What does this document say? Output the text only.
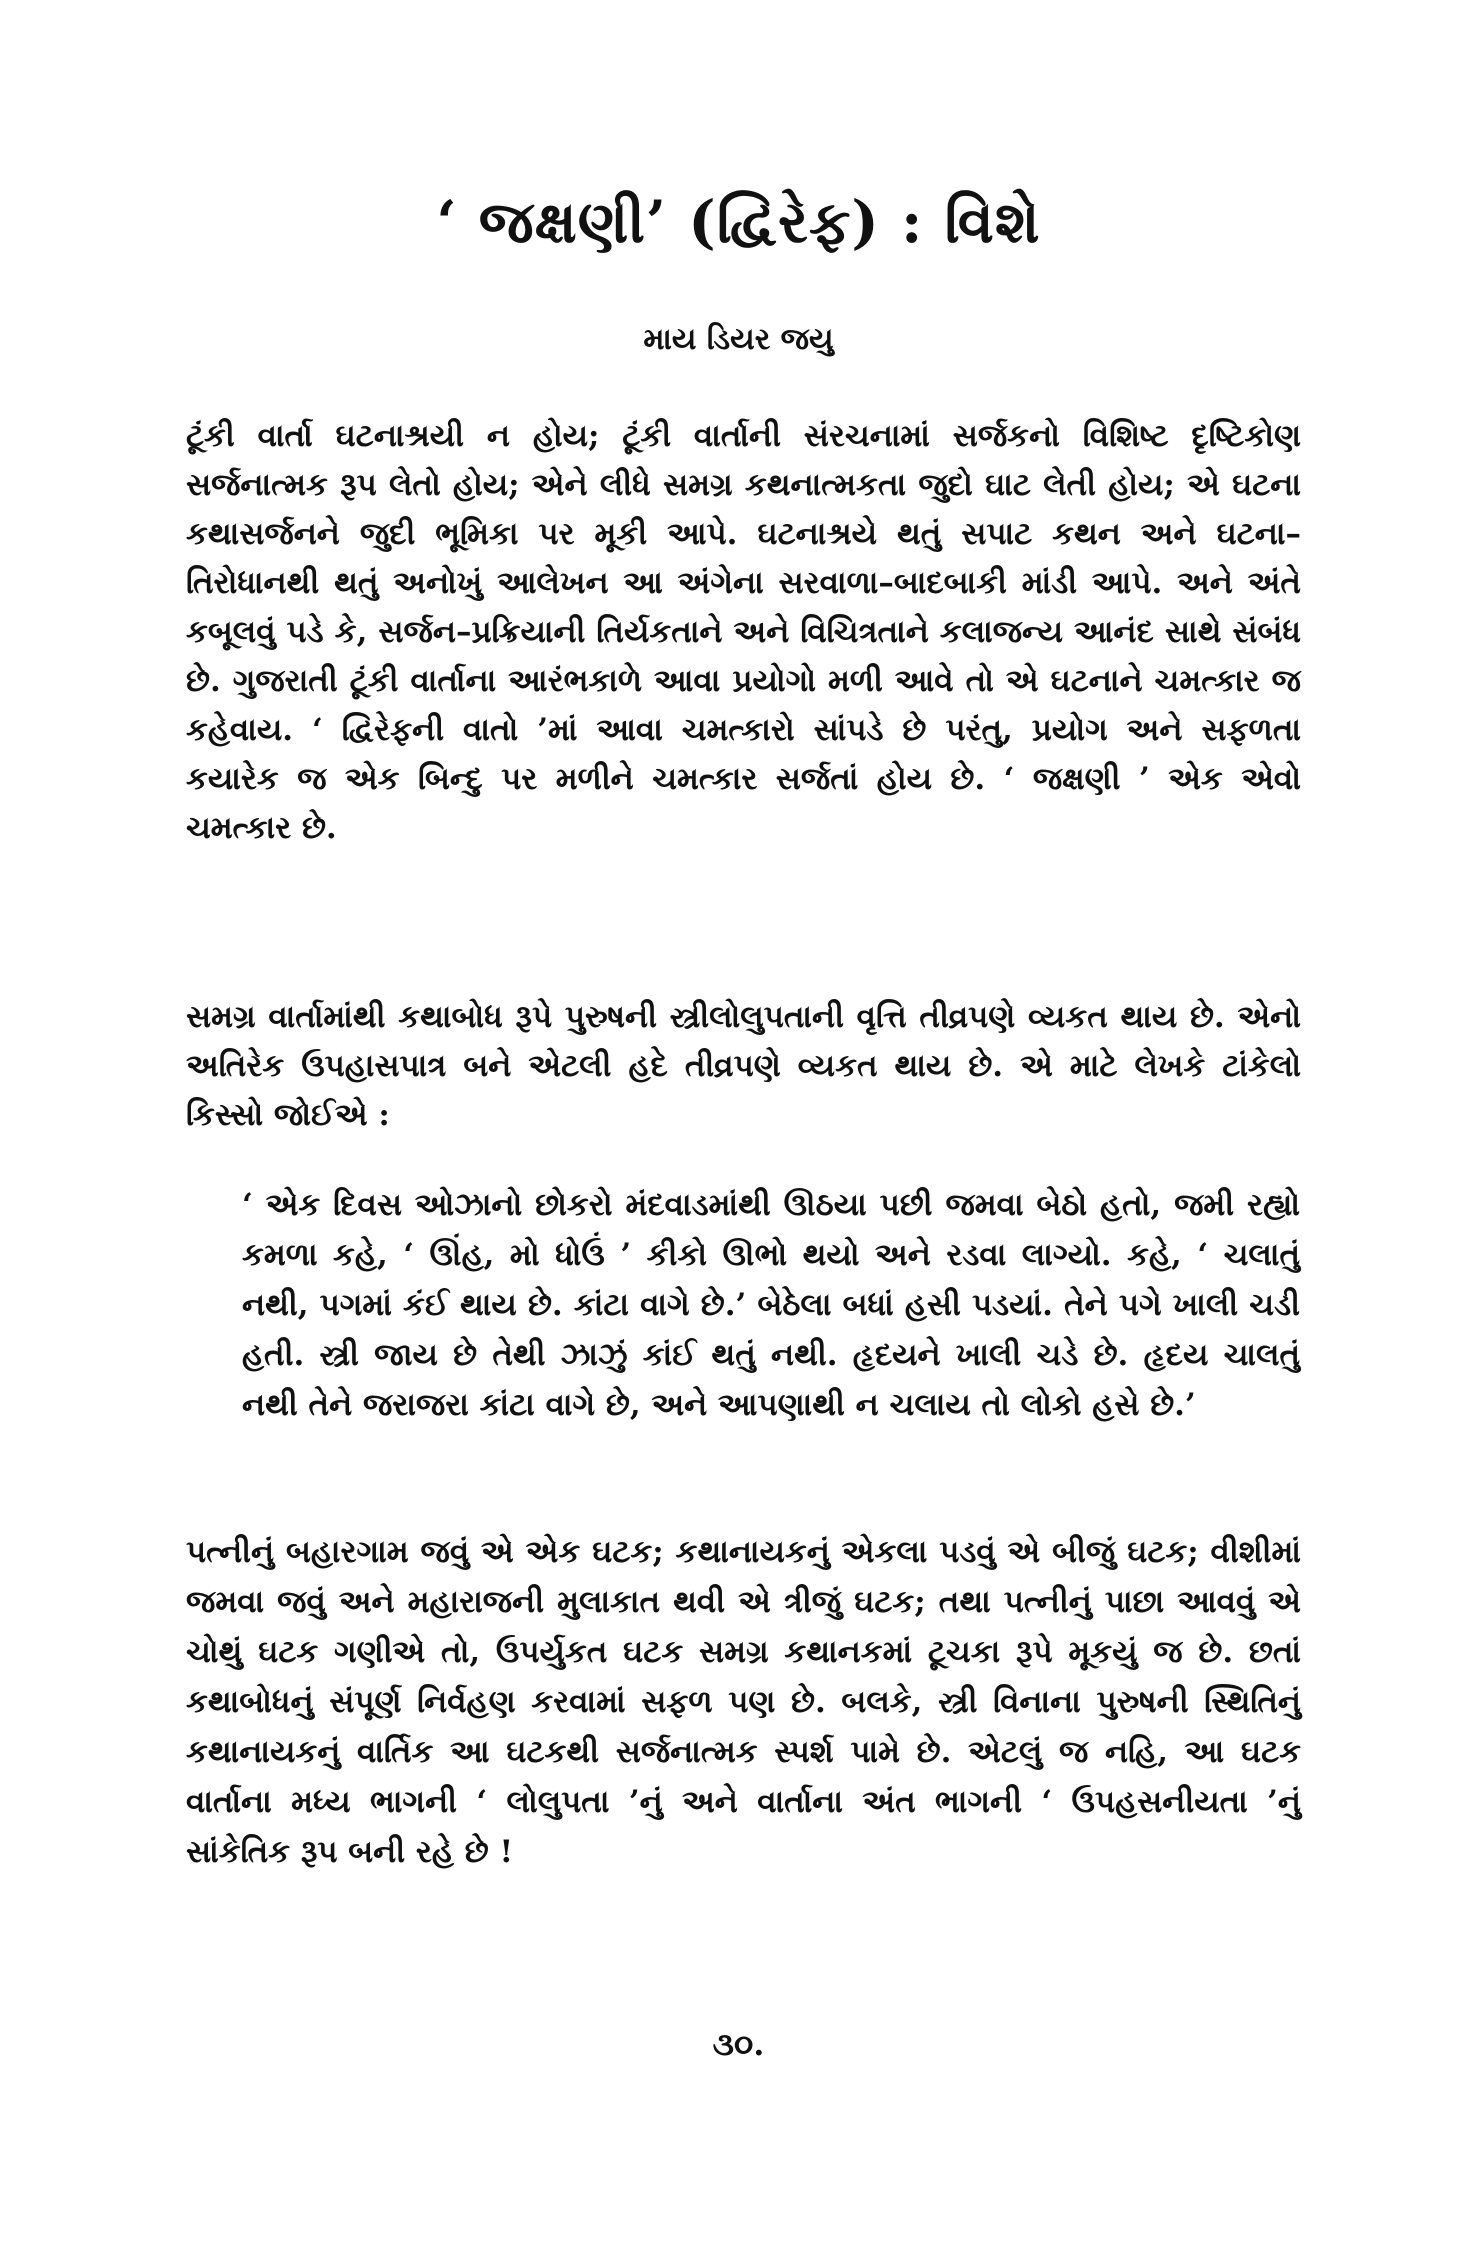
‘ જક્ષણી’ (દ્વિરેફ) : વિશે

માય ડિયર જયુ

ટૂંકી વાર્તા ઘટનાશ્રયી ન હોય; ટૂંકી વાર્તાની સંરચનામાં સર્જકનો વિશિષ્ટ દૃષ્ટિકોણ સર્જનાત્મક રૂપ લેતો હોય; એને લીધે સમગ્ર કથનાત્મકતા જુદો ઘાટ લેતી હોય; એ ઘટના કથાસર્જનને જુદી ભૂમિકા પર મૂકી આપે. ઘટનાશ્રયે થતું સપાટ કથન અને ઘટના–તિરોધાનથી થતું અનોખું આલેખન આ અંગેના સરવાળા–બાદબાકી માંડી આપે. અને અંતે કબૂલવું પડે કે, સર્જન–પ્રક્રિયાની તિર્યકતાને અને વિચિત્રતાને કલાજન્ય આનંદ સાથે સંબંધ છે. ગુજરાતી ટૂંકી વાર્તાના આરંભકાળે આવા પ્રયોગો મળી આવે તો એ ઘટનાને ચમત્કાર જ કહેવાય. ‘ દ્વિરેફની વાતો ’માં આવા ચમત્કારો સાંપડે છે પરંતુ, પ્રયોગ અને સફળતા કયારેક જ એક બિન્દુ પર મળીને ચમત્કાર સર્જતાં હોય છે. ‘ જક્ષણી ’ એક એવો ચમત્કાર છે.

સમગ્ર વાર્તામાંથી કથાબોધ રૂપે પુરુષની સ્ત્રીલોલુપતાની વૃત્તિ તીવ્રપણે વ્યકત થાય છે. એનો અતિરેક ઉપહાસપાત્ર બને એટલી હદે તીવ્રપણે વ્યકત થાય છે. એ માટે લેખકે ટાંકેલો કિસ્સો જોઈએ :

‘ એક દિવસ ઓઝાનો છોકરો મંદવાડમાંથી ઊઠયા પછી જમવા બેઠો હતો, જમી રહ્યો કમળા કહે, ‘ ઊંહ, મો ધોઉં ’ કીકો ઊભો થયો અને રડવા લાગ્યો. કહે, ‘ ચલાતું નથી, પગમાં કંઈ થાય છે. કાંટા વાગે છે.’ બેઠેલા બધાં હસી પડયાં. તેને પગે ખાલી ચડી હતી. સ્ત્રી જાય છે તેથી ઝાઝું કાંઈ થતું નથી. હૃદયને ખાલી ચડે છે. હૃદય ચાલતું નથી તેને જરાજરા કાંટા વાગે છે, અને આપણાથી ન ચલાય તો લોકો હસે છે.’

પત્નીનું બહારગામ જવું એ એક ઘટક; કથાનાયકનું એકલા પડવું એ બીજું ઘટક; વીશીમાં જમવા જવું અને મહારાજની મુલાકાત થવી એ ત્રીજું ઘટક; તથા પત્નીનું પાછા આવવું એ ચોથું ઘટક ગણીએ તો, ઉપર્યુકત ઘટક સમગ્ર કથાનકમાં ટૂચકા રૂપે મૂકયું જ છે. છતાં કથાબોધનું સંપૂર્ણ નિર્વહણ કરવામાં સફળ પણ છે. બલકે, સ્ત્રી વિનાના પુરુષની સ્થિતિનું કથાનાયકનું વાર્તિક આ ઘટકથી સર્જનાત્મક સ્પર્શ પામે છે. એટલું જ નહિ, આ ઘટક વાર્તાના મધ્ય ભાગની ‘ લોલુપતા ’નું અને વાર્તાના અંત ભાગની ‘ ઉપહસનીયતા ’નું સાંકેતિક રૂપ બની રહે છે !

૩૦.
